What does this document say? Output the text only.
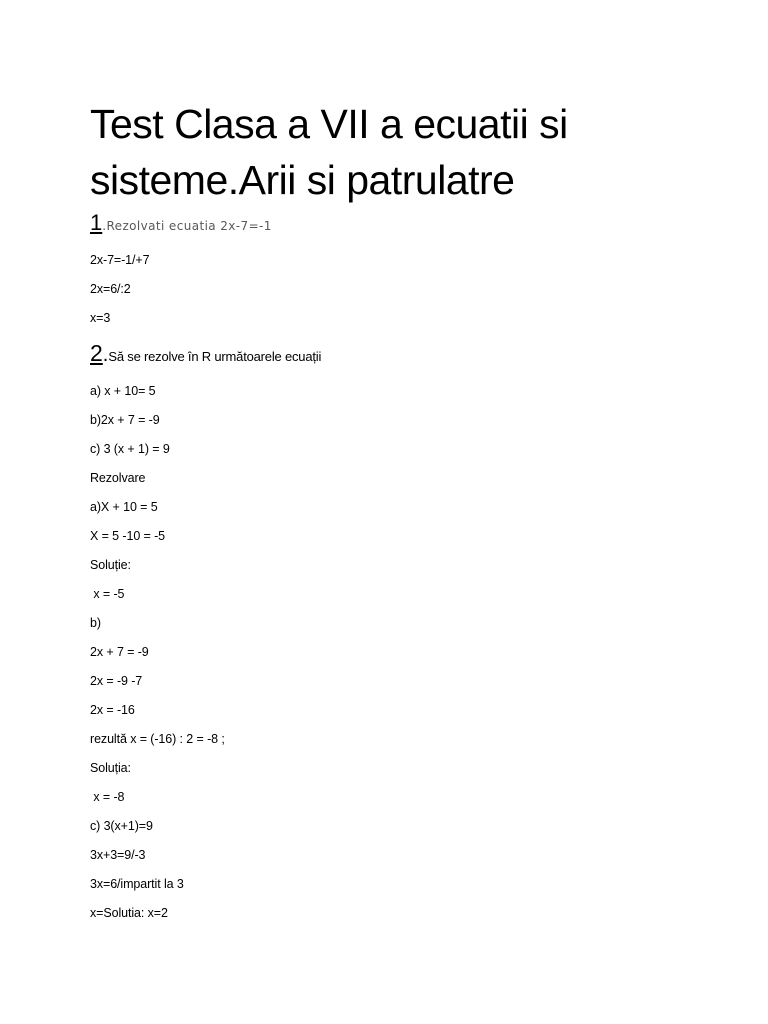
Test Clasa a VII a ecuatii si sisteme.Arii si patrulatre
1.Rezolvati ecuatia 2x-7=-1
2x-7=-1/+7
2x=6/:2
x=3
2.Să se rezolve în R următoarele ecuații
a) x + 10= 5
b)2x + 7 = -9
c) 3 (x + 1) = 9
Rezolvare
a)X + 10 = 5
X = 5 -10 = -5
Soluție:
x = -5
b)
2x + 7 = -9
2x = -9 -7
2x = -16
rezultă x = (-16) : 2 = -8 ;
Soluția:
x = -8
c) 3(x+1)=9
3x+3=9/-3
3x=6/impartit la 3
x=Solutia: x=2
